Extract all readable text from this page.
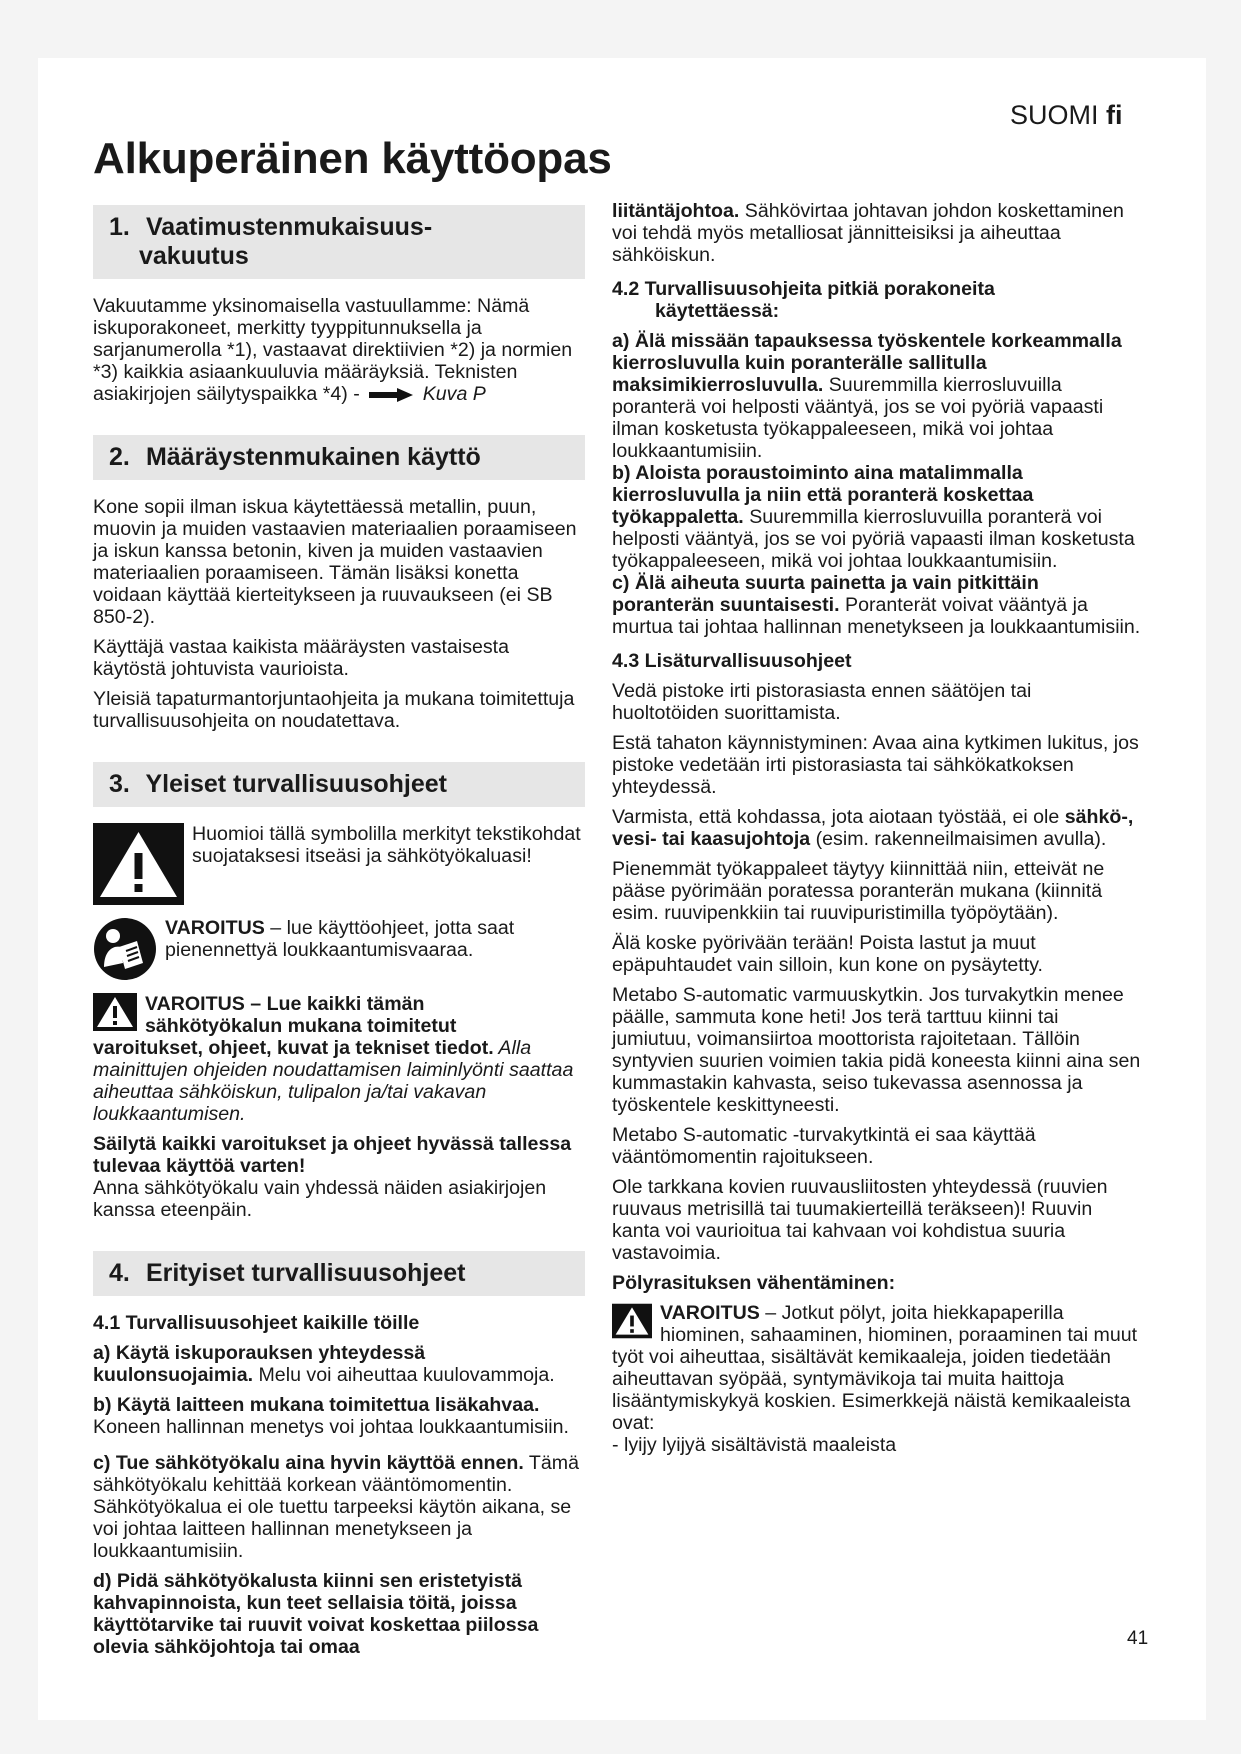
SUOMI fi
Alkuperäinen käyttöopas
1. Vaatimustenmukaisuus-
vakuutus

Vakuutamme yksinomaisella vastuullamme: Nämä iskuporakoneet, merkitty tyyppitunnuksella ja sarjanumerolla *1), vastaavat direktiivien *2) ja normien *3) kaikkia asiaankuuluvia määräyksiä. Teknisten asiakirjojen säilytyspaikka *4) -	Kuva P

2. Määräystenmukainen käyttö

Kone sopii ilman iskua käytettäessä metallin, puun, muovin ja muiden vastaavien materiaalien poraamiseen ja iskun kanssa betonin, kiven ja muiden vastaavien materiaalien poraamiseen. Tämän lisäksi konetta voidaan käyttää kierteitykseen ja ruuvaukseen (ei SB 850-2).

Käyttäjä vastaa kaikista määräysten vastaisesta käytöstä johtuvista vaurioista.

Yleisiä tapaturmantorjuntaohjeita ja mukana toimitettuja turvallisuusohjeita on noudatettava.

3. Yleiset turvallisuusohjeet
Huomioi tällä symbolilla merkityt tekstikohdat suojataksesi itseäsi ja sähkötyökaluasi!
VAROITUS – lue käyttöohjeet, jotta saat pienennettyä loukkaantumisvaaraa.

VAROITUS – Lue kaikki tämän
sähkötyökalun mukana toimitetut
varoitukset, ohjeet, kuvat ja tekniset tiedot. Alla mainittujen ohjeiden noudattamisen laiminlyönti saattaa aiheuttaa sähköiskun, tulipalon ja/tai vakavan loukkaantumisen.

Säilytä kaikki varoitukset ja ohjeet hyvässä tallessa tulevaa käyttöä varten!
Anna sähkötyökalu vain yhdessä näiden asiakirjojen kanssa eteenpäin.

4. Erityiset turvallisuusohjeet

4.1 Turvallisuusohjeet kaikille töille

a) Käytä iskuporauksen yhteydessä kuulonsuojaimia. Melu voi aiheuttaa kuulovammoja.

b) Käytä laitteen mukana toimitettua lisäkahvaa. Koneen hallinnan menetys voi johtaa loukkaantumisiin.

c) Tue sähkötyökalu aina hyvin käyttöä ennen. Tämä sähkötyökalu kehittää korkean vääntömomentin. Sähkötyökalua ei ole tuettu tarpeeksi käytön aikana, se voi johtaa laitteen hallinnan menetykseen ja loukkaantumisiin.

d) Pidä sähkötyökalusta kiinni sen eristetyistä kahvapinnoista, kun teet sellaisia töitä, joissa käyttötarvike tai ruuvit voivat koskettaa piilossa olevia sähköjohtoja tai omaa

liitäntäjohtoa. Sähkövirtaa johtavan johdon koskettaminen voi tehdä myös metalliosat jännitteisiksi ja aiheuttaa sähköiskun.

4.2 Turvallisuusohjeita pitkiä porakoneita
käytettäessä:

a) Älä missään tapauksessa työskentele korkeammalla kierrosluvulla kuin poranterälle sallitulla maksimikierrosluvulla. Suuremmilla kierrosluvuilla poranterä voi helposti vääntyä, jos se voi pyöriä vapaasti ilman kosketusta työkappaleeseen, mikä voi johtaa loukkaantumisiin.

b) Aloista poraustoiminto aina matalimmalla kierrosluvulla ja niin että poranterä koskettaa työkappaletta. Suuremmilla kierrosluvuilla poranterä voi helposti vääntyä, jos se voi pyöriä vapaasti ilman kosketusta työkappaleeseen, mikä voi johtaa loukkaantumisiin.

c) Älä aiheuta suurta painetta ja vain pitkittäin poranterän suuntaisesti. Poranterät voivat vääntyä ja murtua tai johtaa hallinnan menetykseen ja loukkaantumisiin.

4.3 Lisäturvallisuusohjeet

Vedä pistoke irti pistorasiasta ennen säätöjen tai huoltotöiden suorittamista.

Estä tahaton käynnistyminen: Avaa aina kytkimen lukitus, jos pistoke vedetään irti pistorasiasta tai sähkökatkoksen yhteydessä.

Varmista, että kohdassa, jota aiotaan työstää, ei ole sähkö-, vesi- tai kaasujohtoja (esim. rakenneilmaisimen avulla).

Pienemmät työkappaleet täytyy kiinnittää niin, etteivät ne pääse pyörimään poratessa poranterän mukana (kiinnitä esim. ruuvipenkkiin tai ruuvipuristimilla työpöytään).

Älä koske pyörivään terään! Poista lastut ja muut epäpuhtaudet vain silloin, kun kone on pysäytetty.

Metabo S-automatic varmuuskytkin. Jos turvakytkin menee päälle, sammuta kone heti! Jos terä tarttuu kiinni tai jumiutuu, voimansiirtoa moottorista rajoitetaan. Tällöin syntyvien suurien voimien takia pidä koneesta kiinni aina sen kummastakin kahvasta, seiso tukevassa asennossa ja työskentele keskittyneesti.

Metabo S-automatic -turvakytkintä ei saa käyttää vääntömomentin rajoitukseen.

Ole tarkkana kovien ruuvausliitosten yhteydessä (ruuvien ruuvaus metrisillä tai tuumakierteillä teräkseen)! Ruuvin kanta voi vaurioitua tai kahvaan voi kohdistua suuria vastavoimia.

Pölyrasituksen vähentäminen:

VAROITUS – Jotkut pölyt, joita hiekkapaperilla hiominen, sahaaminen, hiominen, poraaminen tai muut työt voi aiheuttaa, sisältävät kemikaaleja, joiden tiedetään aiheuttavan syöpää, syntymävikoja tai muita haittoja lisääntymiskykyä koskien. Esimerkkejä näistä kemikaaleista ovat:

- lyijy lyijyä sisältävistä maaleista

41
